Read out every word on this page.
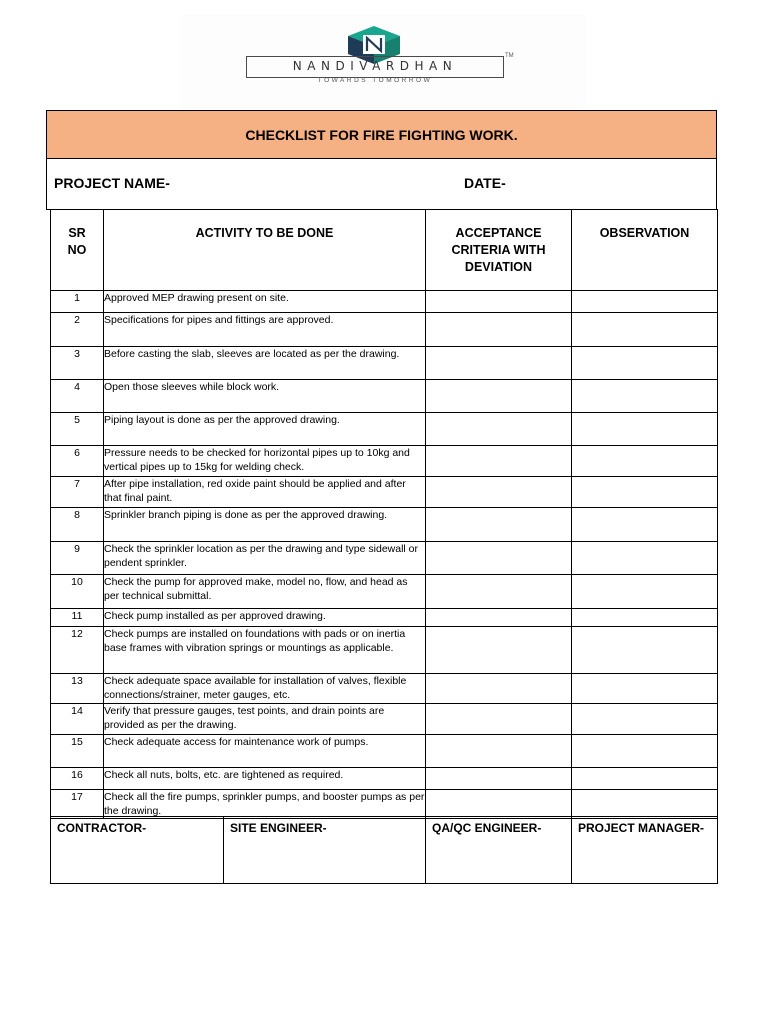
NANDIVARDHAN
TOWARDS TOMORROW
TM
CHECKLIST FOR FIRE FIGHTING WORK.
PROJECT NAME-	DATE-
SR
NO	ACTIVITY TO BE DONE	ACCEPTANCE
CRITERIA WITH
DEVIATION	OBSERVATION
1	Approved MEP drawing present on site.		
2	Specifications for pipes and fittings are approved.		
3	Before casting the slab, sleeves are located as per the drawing.		
4	Open those sleeves while block work.		
5	Piping layout is done as per the approved drawing.		
6	Pressure needs to be checked for horizontal pipes up to 10kg and vertical pipes up to 15kg for welding check.		
7	After pipe installation, red oxide paint should be applied and after that final paint.		
8	Sprinkler branch piping is done as per the approved drawing.		
9	Check the sprinkler location as per the drawing and type sidewall or pendent sprinkler.		
10	Check the pump for approved make, model no, flow, and head as per technical submittal.		
11	Check pump installed as per approved drawing.		
12	Check pumps are installed on foundations with pads or on inertia base frames with vibration springs or mountings as applicable.		
13	Check adequate space available for installation of valves, flexible connections/strainer, meter gauges, etc.		
14	Verify that pressure gauges, test points, and drain points are provided as per the drawing.		
15	Check adequate access for maintenance work of pumps.		
16	Check all nuts, bolts, etc. are tightened as required.		
17	Check all the fire pumps, sprinkler pumps, and booster pumps as per the drawing.		
CONTRACTOR-	SITE ENGINEER-	QA/QC ENGINEER-	PROJECT MANAGER-
